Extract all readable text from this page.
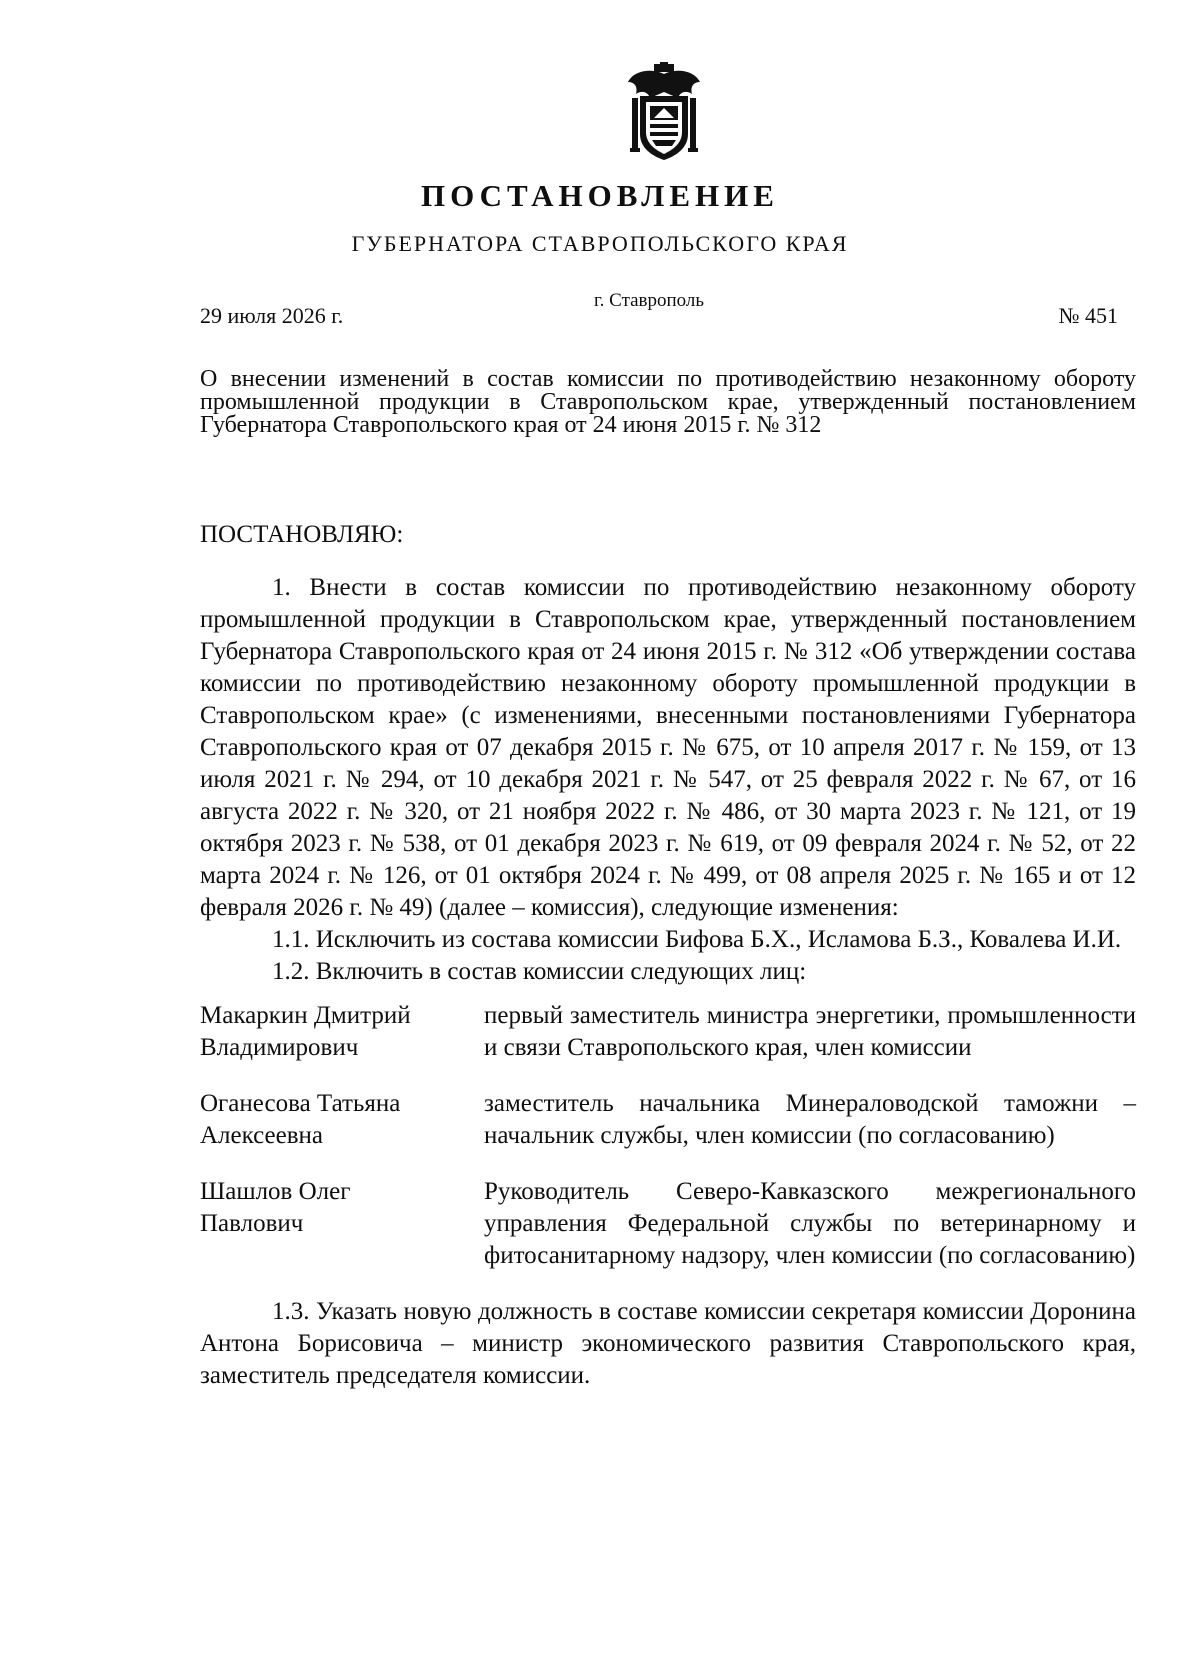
ПОСТАНОВЛЕНИЕ
ГУБЕРНАТОРА СТАВРОПОЛЬСКОГО КРАЯ
29 июля 2026 г.
г. Ставрополь
№ 451
О внесении изменений в состав комиссии по противодействию незаконному обороту промышленной продукции в Ставропольском крае, утвержденный постановлением Губернатора Ставропольского края от 24 июня 2015 г. № 312
ПОСТАНОВЛЯЮ:

1. Внести в состав комиссии по противодействию незаконному обороту промышленной продукции в Ставропольском крае, утвержденный постановлением Губернатора Ставропольского края от 24 июня 2015 г. № 312 «Об утверждении состава комиссии по противодействию незаконному обороту промышленной продукции в Ставропольском крае» (с изменениями, внесенными постановлениями Губернатора Ставропольского края от 07 декабря 2015 г. № 675, от 10 апреля 2017 г. № 159, от 13 июля 2021 г. № 294, от 10 декабря 2021 г. № 547, от 25 февраля 2022 г. № 67, от 16 августа 2022 г. № 320, от 21 ноября 2022 г. № 486, от 30 марта 2023 г. № 121, от 19 октября 2023 г. № 538, от 01 декабря 2023 г. № 619, от 09 февраля 2024 г. № 52, от 22 марта 2024 г. № 126, от 01 октября 2024 г. № 499, от 08 апреля 2025 г. № 165 и от 12 февраля 2026 г. № 49) (далее – комиссия), следующие изменения:

1.1. Исключить из состава комиссии Бифова Б.Х., Исламова Б.З., Ковалева И.И.

1.2. Включить в состав комиссии следующих лиц:

Макаркин Дмитрий
Владимирович
первый заместитель министра энергетики, промышленности и связи Ставропольского края, член комиссии
Оганесова Татьяна
Алексеевна
заместитель начальника Минераловодской таможни – начальник службы, член комиссии (по согласованию)
Шашлов Олег
Павлович
Руководитель Северо-Кавказского межрегионального управления Федеральной службы по ветеринарному и фитосанитарному надзору, член комиссии (по согласованию)

1.3. Указать новую должность в составе комиссии секретаря комиссии Доронина Антона Борисовича – министр экономического развития Ставропольского края, заместитель председателя комиссии.
